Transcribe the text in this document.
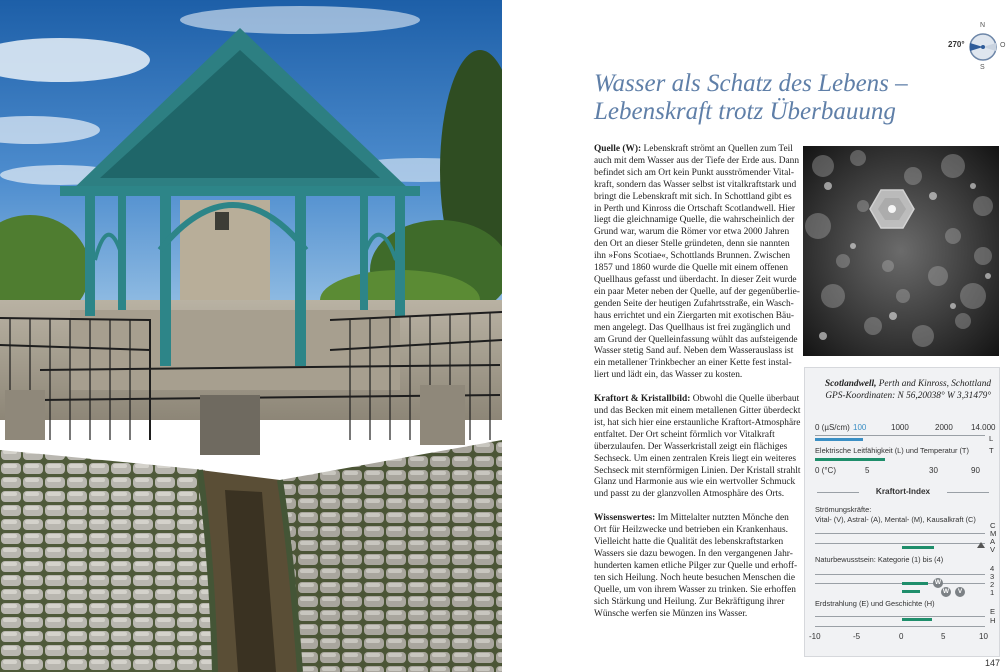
270°
N
S
O
Wasser als Schatz des Lebens –
Lebenskraft trotz Überbauung

Quelle (W): Lebenskraft strömt an Quellen zum Teil
auch mit dem Wasser aus der Tiefe der Erde aus. Dann
befindet sich am Ort kein Punkt ausströmender Vital-
kraft, sondern das Wasser selbst ist vitalkraftstark und
bringt die Lebenskraft mit sich. In Schottland gibt es
in Perth und Kinross die Ortschaft Scotlandwell. Hier
liegt die gleichnamige Quelle, die wahrscheinlich der
Grund war, warum die Römer vor etwa 2000 Jahren
den Ort an dieser Stelle gründeten, denn sie nannten
ihn »Fons Scotiae«, Schottlands Brunnen. Zwischen
1857 und 1860 wurde die Quelle mit einem offenen
Quellhaus gefasst und überdacht. In dieser Zeit wurde
ein paar Meter neben der Quelle, auf der gegenüberlie-
genden Seite der heutigen Zufahrtsstraße, ein Wasch-
haus errichtet und ein Ziergarten mit exotischen Bäu-
men angelegt. Das Quellhaus ist frei zugänglich und
am Grund der Quelleinfassung wühlt das aufsteigende
Wasser stetig Sand auf. Neben dem Wasserauslass ist
ein metallener Trinkbecher an einer Kette fest instal-
liert und lädt ein, das Wasser zu kosten.

Kraftort & Kristallbild: Obwohl die Quelle überbaut
und das Becken mit einem metallenen Gitter überdeckt
ist, hat sich hier eine erstaunliche Kraftort-Atmosphäre
entfaltet. Der Ort scheint förmlich vor Vitalkraft
überzulaufen. Der Wasserkristall zeigt ein flächiges
Sechseck. Um einen zentralen Kreis liegt ein weiteres
Sechseck mit sternförmigen Linien. Der Kristall strahlt
Glanz und Harmonie aus wie ein wertvoller Schmuck
und passt zu der glanzvollen Atmosphäre des Orts.

Wissenswertes: Im Mittelalter nutzten Mönche den
Ort für Heilzwecke und betrieben ein Krankenhaus.
Vielleicht hatte die Qualität des lebenskraftstarken
Wassers sie dazu bewogen. In den vergangenen Jahr-
hunderten kamen etliche Pilger zur Quelle und erhoff-
ten sich Heilung. Noch heute besuchen Menschen die
Quelle, um von ihrem Wasser zu trinken. Sie erhoffen
sich Stärkung und Heilung. Zur Bekräftigung ihrer
Wünsche werfen sie Münzen ins Wasser.

Scotlandwell, Perth and Kinross, Schottland
GPS-Koordinaten: N 56,20038° W 3,31479°
0 (µS/cm) 100	1000	2000 14.000
L
T
Elektrische Leitfähigkeit (L) und Temperatur (T)
0 (°C)	5	30	90
Kraftort-Index
Strömungskräfte:
Vital- (V), Astral- (A), Mental- (M), Kausalkraft (C)
C
M
A
V
Naturbewusstsein: Kategorie (1) bis (4)
4
3
2
1
W
W	V
Erdstrahlung (E) und Geschichte (H)
E
H
-10	-5	0	5	10
147
